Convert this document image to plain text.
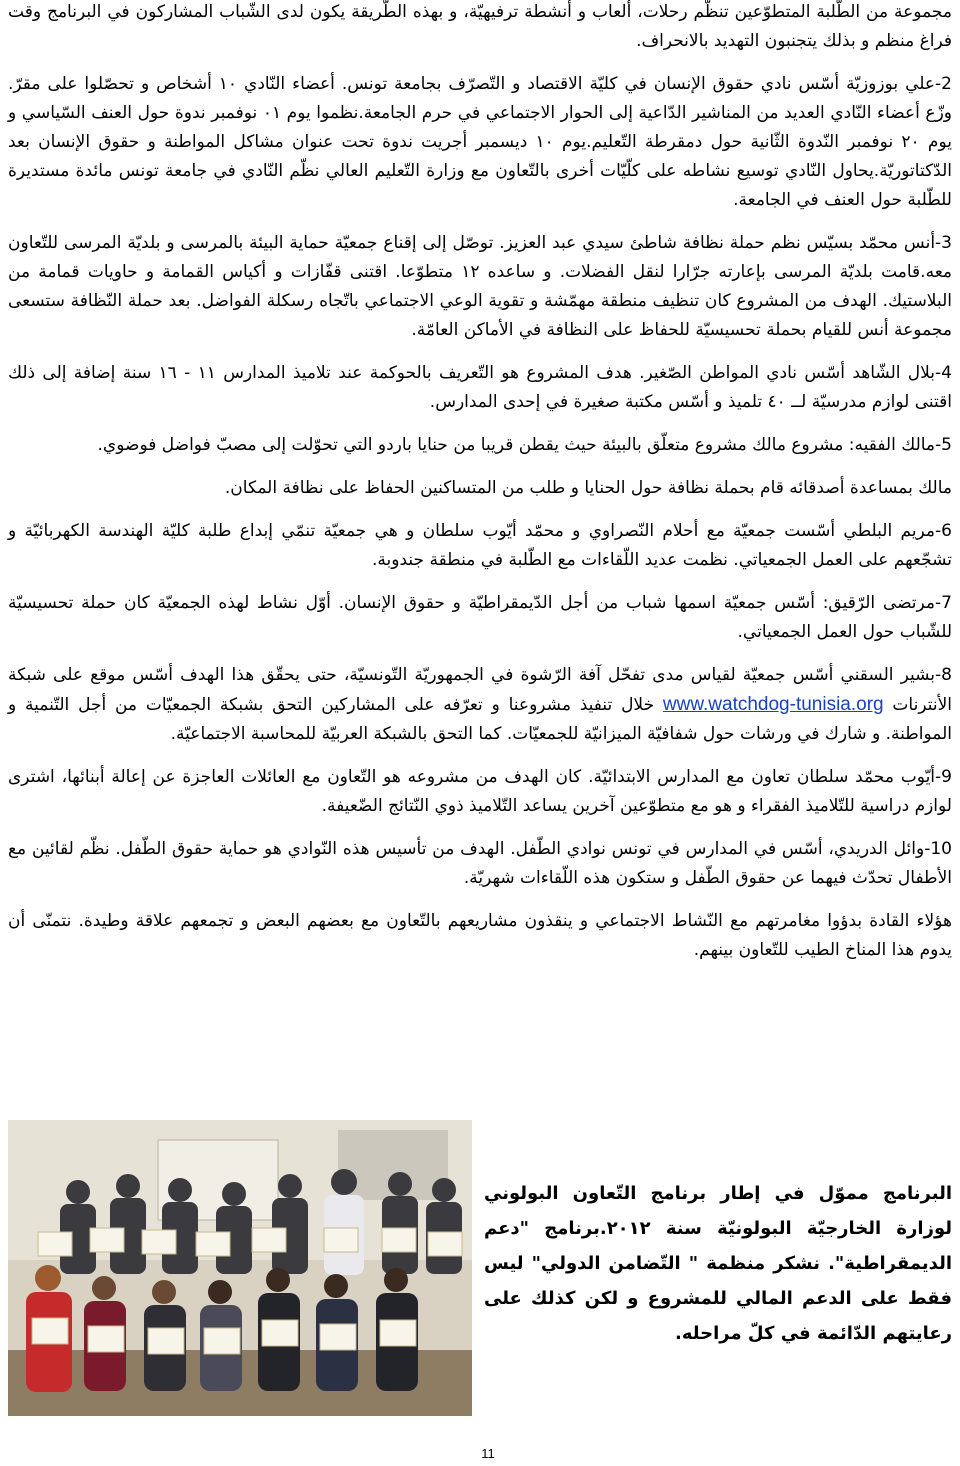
مجموعة من الطّلبة المتطوّعين تنظّم رحلات، ألعاب و أنشطة ترفيهيّة، و بهذه الطّريقة يكون لدى الشّباب المشاركون في البرنامج وقت فراغ منظم و بذلك يتجنبون التهديد بالانحراف.

2-علي بوزوزيّة أسّس نادي حقوق الإنسان في كليّة الاقتصاد و التّصرّف بجامعة تونس. أعضاء النّادي ١٠ أشخاص و تحصّلوا على مقرّ. وزّع أعضاء النّادي العديد من المناشير الدّاعية إلى الحوار الاجتماعي في حرم الجامعة.نظموا يوم ٠١ نوفمبر ندوة حول العنف السّياسي و يوم ٢٠ نوفمبر النّدوة الثّانية حول دمقرطة التّعليم.يوم ١٠ ديسمبر أجريت ندوة تحت عنوان مشاكل المواطنة و حقوق الإنسان بعد الدّكتاتوريّة.يحاول النّادي توسيع نشاطه على كلّيّات أخرى بالتّعاون مع وزارة التّعليم العالي نظّم النّادي في جامعة تونس مائدة مستديرة للطّلبة حول العنف في الجامعة.

3-أنس محمّد بسيّس نظم حملة نظافة شاطئ سيدي عبد العزيز. توصّل إلى إقناع جمعيّة حماية البيئة بالمرسى و بلديّة المرسى للتّعاون معه.قامت بلديّة المرسى بإعارته جرّارا لنقل الفضلات. و ساعده ١٢ متطوّعا. اقتنى قفّازات و أكياس القمامة و حاويات قمامة من البلاستيك. الهدف من المشروع كان تنظيف منطقة مهمّشة و تقوية الوعي الاجتماعي باتّجاه رسكلة الفواضل. بعد حملة النّظافة ستسعى مجموعة أنس للقيام بحملة تحسيسيّة للحفاظ على النظافة في الأماكن العامّة.

4-بلال الشّاهد أسّس نادي المواطن الصّغير. هدف المشروع هو التّعريف بالحوكمة عند تلاميذ المدارس ١١ - ١٦ سنة إضافة إلى ذلك اقتنى لوازم مدرسيّة لــ ٤٠ تلميذ و أسّس مكتبة صغيرة في إحدى المدارس.

5-مالك الفقيه: مشروع مالك مشروع متعلّق بالبيئة حيث يقطن قريبا من حنايا باردو التي تحوّلت إلى مصبّ فواضل فوضوي.

مالك بمساعدة أصدقائه قام بحملة نظافة حول الحنايا و طلب من المتساكنين الحفاظ على نظافة المكان.

6-مريم البلطي أسّست جمعيّة مع أحلام النّصراوي و محمّد أيّوب سلطان و هي جمعيّة تنمّي إبداع طلبة كليّة الهندسة الكهربائيّة و تشجّعهم على العمل الجمعياتي. نظمت عديد اللّقاءات مع الطّلبة في منطقة جندوبة.

7-مرتضى الرّقيق: أسّس جمعيّة اسمها شباب من أجل الدّيمقراطيّة و حقوق الإنسان. أوّل نشاط لهذه الجمعيّة كان حملة تحسيسيّة للشّباب حول العمل الجمعياتي.

8-بشير السقني أسّس جمعيّة لقياس مدى تفحّل آفة الرّشوة في الجمهوريّة التّونسيّة، حتى يحقّق هذا الهدف أسّس موقع على شبكة الأنترنات www.watchdog-tunisia.org خلال تنفيذ مشروعنا و تعرّفه على المشاركين التحق بشبكة الجمعيّات من أجل التّنمية و المواطنة. و شارك في ورشات حول شفافيّة الميزانيّة للجمعيّات. كما التحق بالشبكة العربيّة للمحاسبة الاجتماعيّة.

9-أيّوب محمّد سلطان تعاون مع المدارس الابتدائيّة. كان الهدف من مشروعه هو التّعاون مع العائلات العاجزة عن إعالة أبنائها، اشترى لوازم دراسية للتّلاميذ الفقراء و هو مع متطوّعين آخرين يساعد التّلاميذ ذوي النّتائج الضّعيفة.

10-وائل الدريدي، أسّس في المدارس في تونس نوادي الطّفل. الهدف من تأسيس هذه النّوادي هو حماية حقوق الطّفل. نظّم لقائين مع الأطفال تحدّث فيهما عن حقوق الطّفل و ستكون هذه اللّقاءات شهريّة.

هؤلاء القادة بدؤوا مغامرتهم مع النّشاط الاجتماعي و ينقذون مشاريعهم بالتّعاون مع بعضهم البعض و تجمعهم علاقة وطيدة. نتمنّى أن يدوم هذا المناخ الطيب للتّعاون بينهم.

البرنامج مموّل في إطار برنامج التّعاون البولوني لوزارة الخارجيّة البولونيّة سنة ٢٠١٢.برنامج "دعم الديمقراطية". نشكر منظمة " التّضامن الدولي" ليس فقط على الدعم المالي للمشروع و لكن كذلك على رعايتهم الدّائمة في كلّ مراحله.
11
